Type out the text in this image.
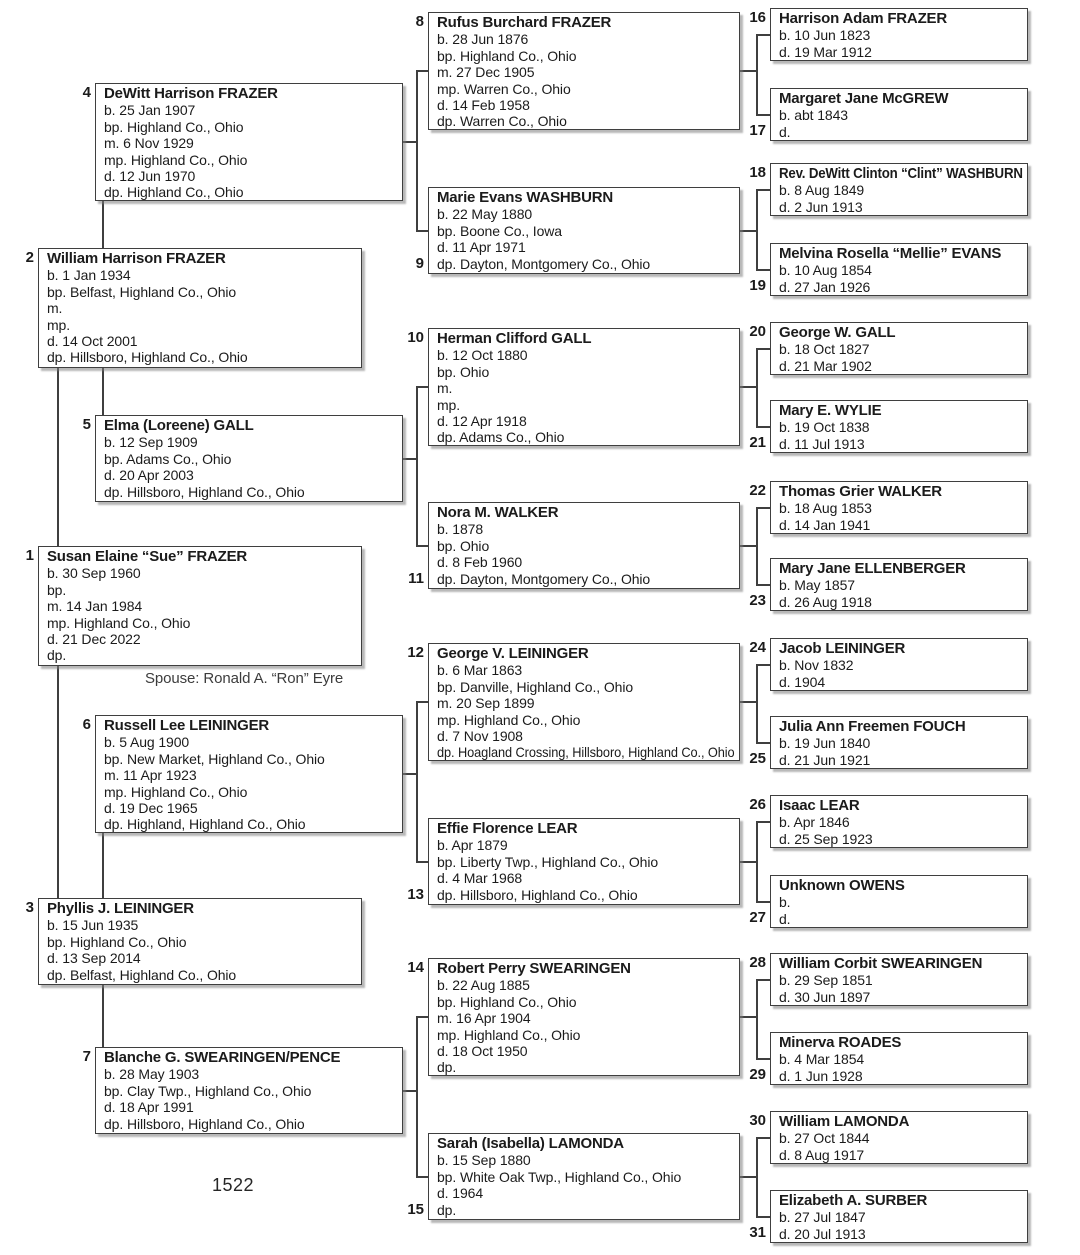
1 Susan Elaine “Sue” FRAZER
b. 30 Sep 1960
bp.
m. 14 Jan 1984
mp. Highland Co., Ohio
d. 21 Dec 2022
dp.
2 William Harrison FRAZER
b. 1 Jan 1934
bp. Belfast, Highland Co., Ohio
m.
mp.
d. 14 Oct 2001
dp. Hillsboro, Highland Co., Ohio
3 Phyllis J. LEININGER
b. 15 Jun 1935
bp. Highland Co., Ohio
d. 13 Sep 2014
dp. Belfast, Highland Co., Ohio
4 DeWitt Harrison FRAZER
b. 25 Jan 1907
bp. Highland Co., Ohio
m. 6 Nov 1929
mp. Highland Co., Ohio
d. 12 Jun 1970
dp. Highland Co., Ohio
5 Elma (Loreene) GALL
b. 12 Sep 1909
bp. Adams Co., Ohio
d. 20 Apr 2003
dp. Hillsboro, Highland Co., Ohio
6 Russell Lee LEININGER
b. 5 Aug 1900
bp. New Market, Highland Co., Ohio
m. 11 Apr 1923
mp. Highland Co., Ohio
d. 19 Dec 1965
dp. Highland, Highland Co., Ohio
7 Blanche G. SWEARINGEN/PENCE
b. 28 May 1903
bp. Clay Twp., Highland Co., Ohio
d. 18 Apr 1991
dp. Hillsboro, Highland Co., Ohio
8 Rufus Burchard FRAZER
b. 28 Jun 1876
bp. Highland Co., Ohio
m. 27 Dec 1905
mp. Warren Co., Ohio
d. 14 Feb 1958
dp. Warren Co., Ohio
9
Marie Evans WASHBURN
b. 22 May 1880
bp. Boone Co., Iowa
d. 11 Apr 1971
dp. Dayton, Montgomery Co., Ohio
10 Herman Clifford GALL
b. 12 Oct 1880
bp. Ohio
m.
mp.
d. 12 Apr 1918
dp. Adams Co., Ohio
11
Nora M. WALKER
b. 1878
bp. Ohio
d. 8 Feb 1960
dp. Dayton, Montgomery Co., Ohio
12 George V. LEININGER
b. 6 Mar 1863
bp. Danville, Highland Co., Ohio
m. 20 Sep 1899
mp. Highland Co., Ohio
d. 7 Nov 1908
dp. Hoagland Crossing, Hillsboro, Highland Co., Ohio
13
Effie Florence LEAR
b. Apr 1879
bp. Liberty Twp., Highland Co., Ohio
d. 4 Mar 1968
dp. Hillsboro, Highland Co., Ohio
14 Robert Perry SWEARINGEN
b. 22 Aug 1885
bp. Highland Co., Ohio
m. 16 Apr 1904
mp. Highland Co., Ohio
d. 18 Oct 1950
dp.
15
Sarah (Isabella) LAMONDA
b. 15 Sep 1880
bp. White Oak Twp., Highland Co., Ohio
d. 1964
dp.
16 Harrison Adam FRAZER
b. 10 Jun 1823
d. 19 Mar 1912
17
Margaret Jane McGREW
b. abt 1843
d.
18 Rev. DeWitt Clinton “Clint” WASHBURN
b. 8 Aug 1849
d. 2 Jun 1913
19
Melvina Rosella “Mellie” EVANS
b. 10 Aug 1854
d. 27 Jan 1926
20 George W. GALL
b. 18 Oct 1827
d. 21 Mar 1902
21
Mary E. WYLIE
b. 19 Oct 1838
d. 11 Jul 1913
22 Thomas Grier WALKER
b. 18 Aug 1853
d. 14 Jan 1941
23
Mary Jane ELLENBERGER
b. May 1857
d. 26 Aug 1918
24 Jacob LEININGER
b. Nov 1832
d. 1904
25
Julia Ann Freemen FOUCH
b. 19 Jun 1840
d. 21 Jun 1921
26 Isaac LEAR
b. Apr 1846
d. 25 Sep 1923
27
Unknown OWENS
b.
d.
28 William Corbit SWEARINGEN
b. 29 Sep 1851
d. 30 Jun 1897
29
Minerva ROADES
b. 4 Mar 1854
d. 1 Jun 1928
30 William LAMONDA
b. 27 Oct 1844
d. 8 Aug 1917
31
Elizabeth A. SURBER
b. 27 Jul 1847
d. 20 Jul 1913
Spouse: Ronald A. “Ron” Eyre
1522
